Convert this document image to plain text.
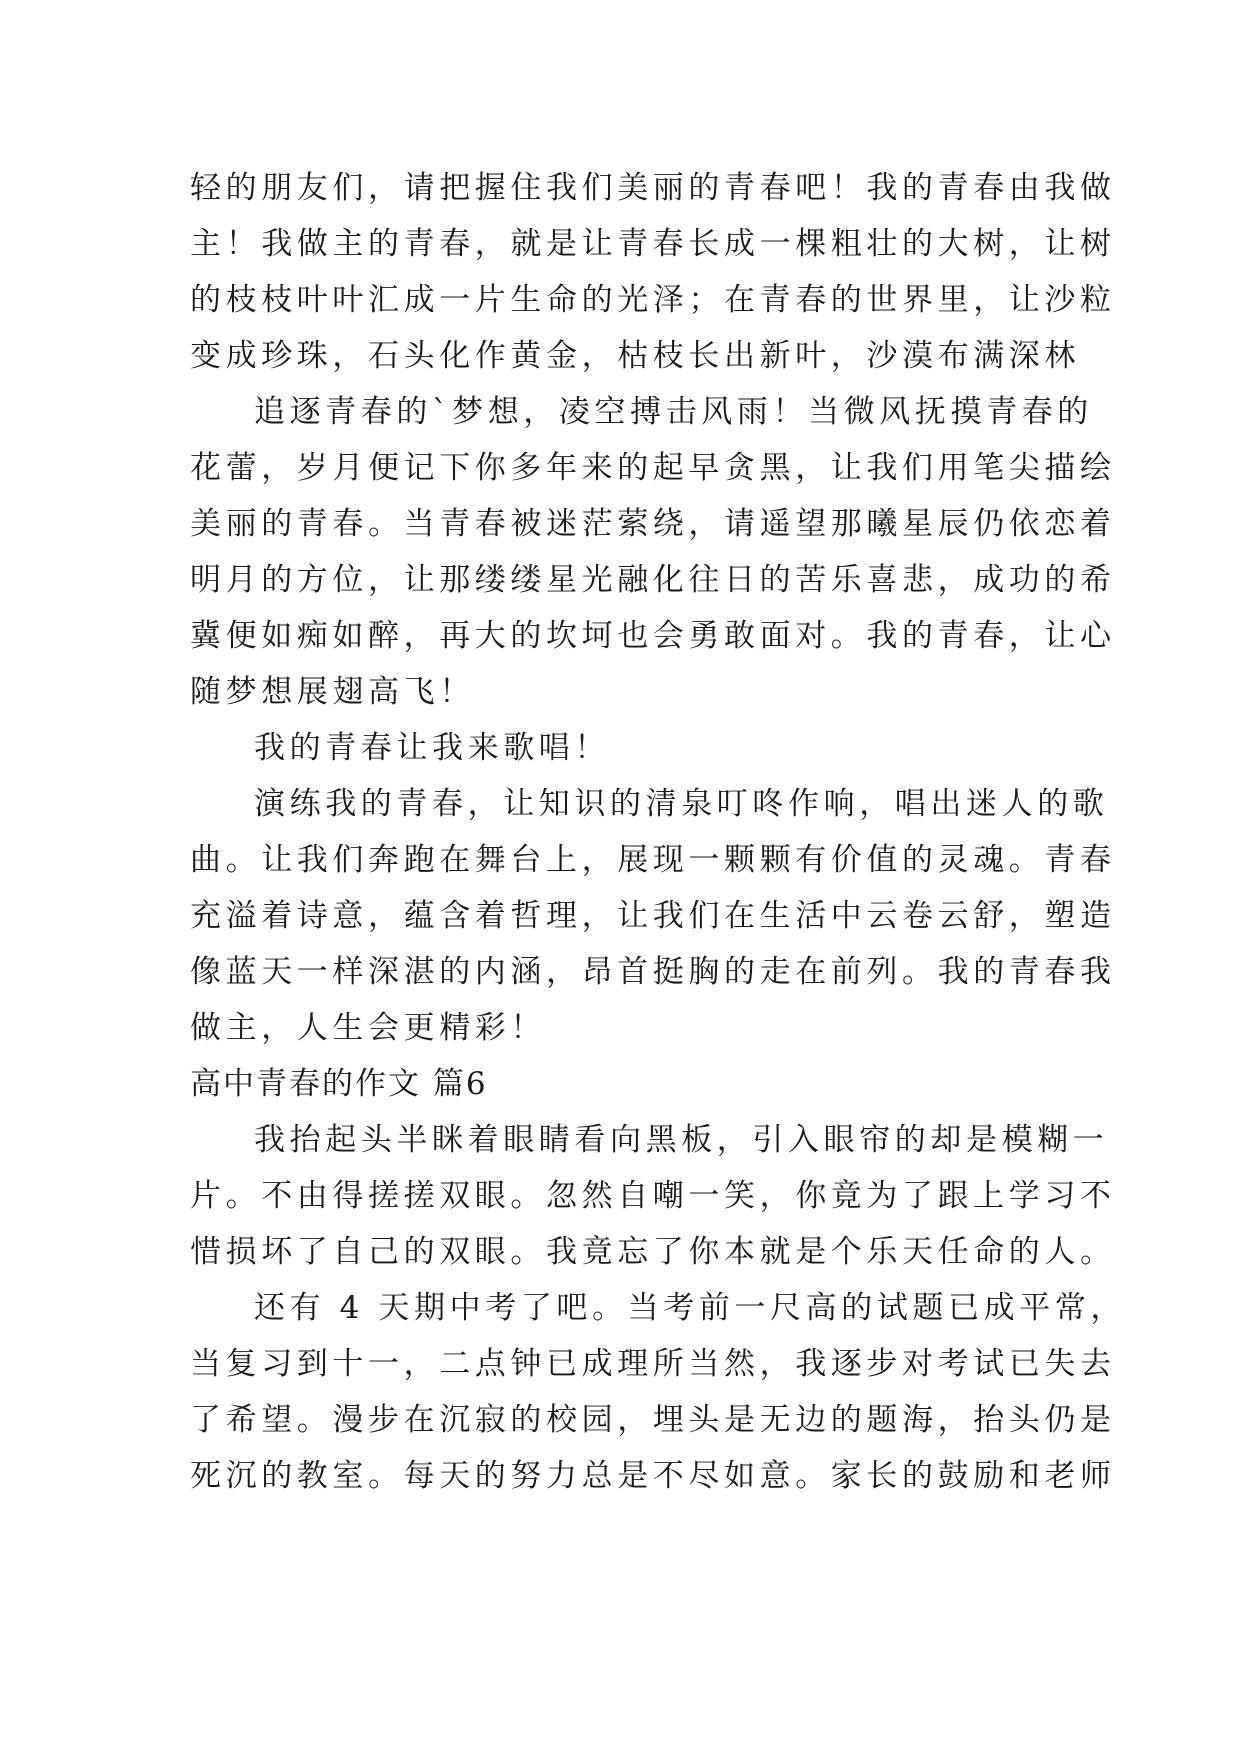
轻的朋友们，请把握住我们美丽的青春吧！我的青春由我做
主！我做主的青春，就是让青春长成一棵粗壮的大树，让树
的枝枝叶叶汇成一片生命的光泽；在青春的世界里，让沙粒
变成珍珠，石头化作黄金，枯枝长出新叶，沙漠布满深林
追逐青春的`梦想，凌空搏击风雨！当微风抚摸青春的
花蕾，岁月便记下你多年来的起早贪黑，让我们用笔尖描绘
美丽的青春。当青春被迷茫萦绕，请遥望那曦星辰仍依恋着
明月的方位，让那缕缕星光融化往日的苦乐喜悲，成功的希
冀便如痴如醉，再大的坎坷也会勇敢面对。我的青春，让心
随梦想展翅高飞！
我的青春让我来歌唱！
演练我的青春，让知识的清泉叮咚作响，唱出迷人的歌
曲。让我们奔跑在舞台上，展现一颗颗有价值的灵魂。青春
充溢着诗意，蕴含着哲理，让我们在生活中云卷云舒，塑造
像蓝天一样深湛的内涵，昂首挺胸的走在前列。我的青春我
做主，人生会更精彩！
高中青春的作文 篇6
我抬起头半眯着眼睛看向黑板，引入眼帘的却是模糊一
片。不由得搓搓双眼。忽然自嘲一笑，你竟为了跟上学习不
惜损坏了自己的双眼。我竟忘了你本就是个乐天任命的人。
还有 4 天期中考了吧。当考前一尺高的试题已成平常，
当复习到十一，二点钟已成理所当然，我逐步对考试已失去
了希望。漫步在沉寂的校园，埋头是无边的题海，抬头仍是
死沉的教室。每天的努力总是不尽如意。家长的鼓励和老师
